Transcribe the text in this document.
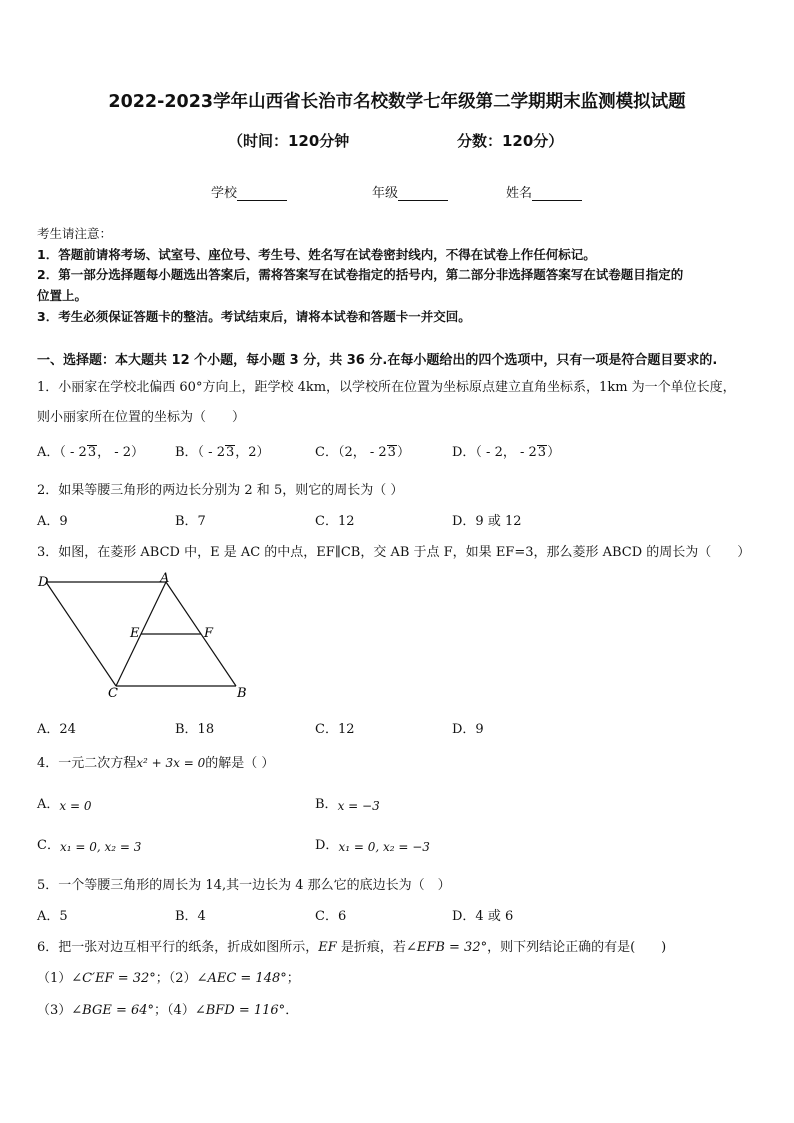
2022-2023学年山西省长治市名校数学七年级第二学期期末监测模拟试题
（时间：120分钟	分数：120分）
学校	年级	姓名
考生请注意：
1．答题前请将考场、试室号、座位号、考生号、姓名写在试卷密封线内，不得在试卷上作任何标记。
2．第一部分选择题每小题选出答案后，需将答案写在试卷指定的括号内，第二部分非选择题答案写在试卷题目指定的
位置上。
3．考生必须保证答题卡的整洁。考试结束后，请将本试卷和答题卡一并交回。
一、选择题：本大题共 12 个小题，每小题 3 分，共 36 分.在每小题给出的四个选项中，只有一项是符合题目要求的.
1．小丽家在学校北偏西 60°方向上，距学校 4km，以学校所在位置为坐标原点建立直角坐标系，1km 为一个单位长度，
则小丽家所在位置的坐标为（　　）
A．（ - 23， - 2） B．（ - 23，2）	C．（2， - 23）	D．（ - 2， - 23）
2．如果等腰三角形的两边长分别为 2 和 5，则它的周长为（ ）
A．9	B．7	C．12	D．9 或 12
3．如图，在菱形 ABCD 中，E 是 AC 的中点，EF∥CB，交 AB 于点 F，如果 EF=3，那么菱形 ABCD 的周长为（　　）
D	A
E	F
C	B
A．24	B．18	C．12	D．9
4．一元二次方程x² + 3x = 0的解是（ ）
A．x = 0	B．x = −3
C．x₁ = 0, x₂ = 3	D．x₁ = 0, x₂ = −3
5．一个等腰三角形的周长为 14,其一边长为 4 那么它的底边长为（　）
A．5	B．4	C．6	D．4 或 6
6．把一张对边互相平行的纸条，折成如图所示，EF 是折痕，若∠EFB = 32°，则下列结论正确的有是(　　)
（1）∠C′EF = 32°；（2）∠AEC = 148°；
（3）∠BGE = 64°；（4）∠BFD = 116°．
